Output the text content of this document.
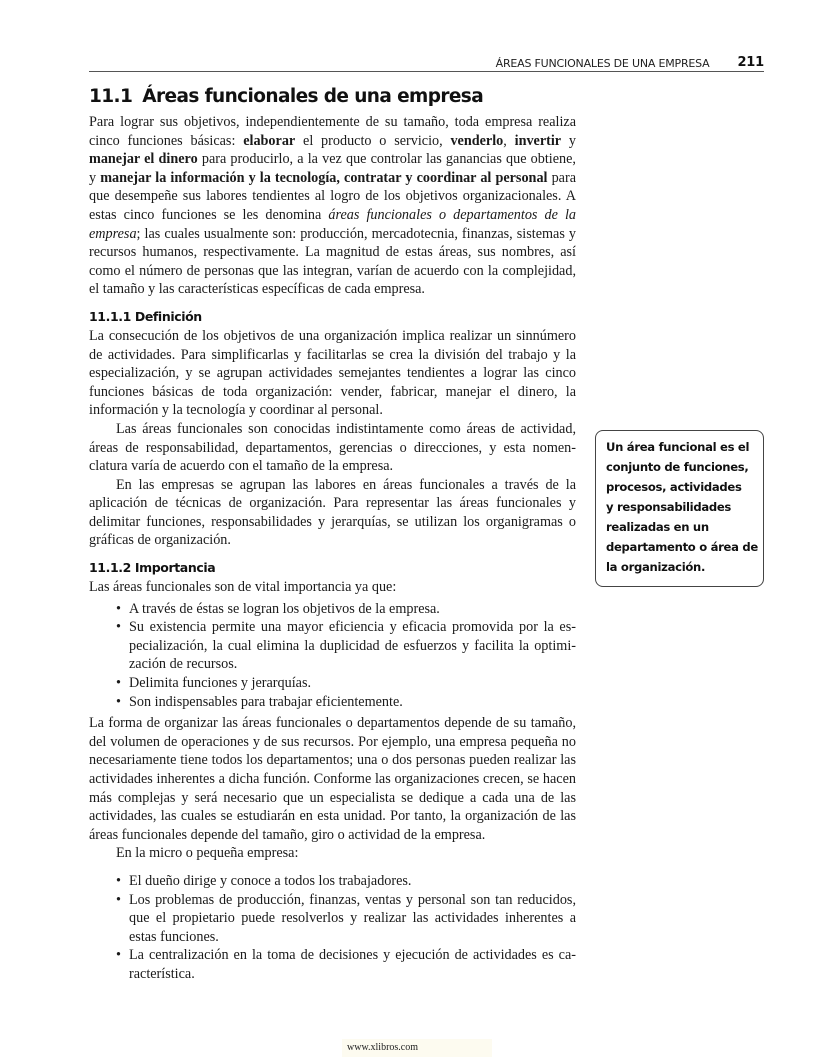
ÁREAS FUNCIONALES DE UNA EMPRESA 211
11.1 Áreas funcionales de una empresa

Para lograr sus objetivos, independientemente de su tamaño, toda empresa realiza cinco funciones básicas: elaborar el producto o servicio, venderlo, invertir y manejar el dinero para producirlo, a la vez que controlar las ganancias que obtiene, y manejar la información y la tecnología, contratar y coordinar al personal para que desempeñe sus labores tendientes al logro de los objetivos organizacionales. A estas cinco funciones se les denomina áreas funcionales o departamentos de la empresa; las cuales usualmente son: producción, mercadotecnia, finanzas, sistemas y recursos humanos, respectivamente. La magnitud de estas áreas, sus nombres, así como el número de personas que las integran, varían de acuerdo con la complejidad, el tamaño y las características específicas de cada empresa.

11.1.1 Definición

La consecución de los objetivos de una organización implica realizar un sinnúmero de actividades. Para simplificarlas y facilitarlas se crea la división del trabajo y la especialización, y se agrupan actividades semejantes tendientes a lograr las cinco funciones básicas de toda organización: vender, fabricar, manejar el dinero, la información y la tecnología y coordinar al personal.

Las áreas funcionales son conocidas indistintamente como áreas de actividad, áreas de responsabilidad, departamentos, gerencias o direcciones, y esta nomenclatura varía de acuerdo con el tamaño de la empresa.

En las empresas se agrupan las labores en áreas funcionales a través de la aplicación de técnicas de organización. Para representar las áreas funcionales y delimitar funciones, responsabilidades y jerarquías, se utilizan los organigramas o gráficas de organización.

11.1.2 Importancia

Las áreas funcionales son de vital importancia ya que:

• A través de éstas se logran los objetivos de la empresa.
• Su existencia permite una mayor eficiencia y eficacia promovida por la especialización, la cual elimina la duplicidad de esfuerzos y facilita la optimización de recursos.
• Delimita funciones y jerarquías.
• Son indispensables para trabajar eficientemente.

La forma de organizar las áreas funcionales o departamentos depende de su tamaño, del volumen de operaciones y de sus recursos. Por ejemplo, una empresa pequeña no necesariamente tiene todos los departamentos; una o dos personas pueden realizar las actividades inherentes a dicha función. Conforme las organizaciones crecen, se hacen más complejas y será necesario que un especialista se dedique a cada una de las actividades, las cuales se estudiarán en esta unidad. Por tanto, la organización de las áreas funcionales depende del tamaño, giro o actividad de la empresa.

En la micro o pequeña empresa:

• El dueño dirige y conoce a todos los trabajadores.
• Los problemas de producción, finanzas, ventas y personal son tan reducidos, que el propietario puede resolverlos y realizar las actividades inherentes a estas funciones.
• La centralización en la toma de decisiones y ejecución de actividades es característica.
Un área funcional es el
conjunto de funciones,
procesos, actividades
y responsabilidades
realizadas en un
departamento o área de
la organización.
www.xlibros.com
